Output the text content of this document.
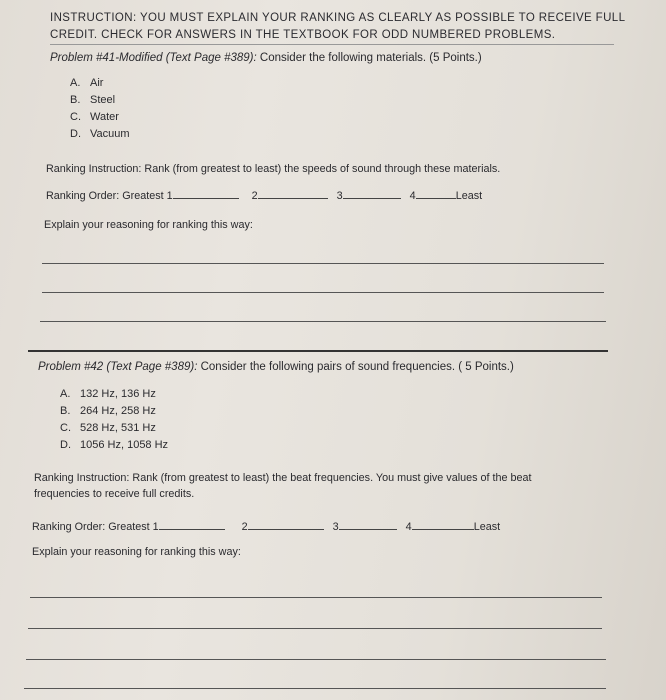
INSTRUCTION: YOU MUST EXPLAIN YOUR RANKING AS CLEARLY AS POSSIBLE TO RECEIVE FULL
CREDIT. CHECK FOR ANSWERS IN THE TEXTBOOK FOR ODD NUMBERED PROBLEMS.
Problem #41-Modified (Text Page #389): Consider the following materials. (5 Points.)
A. Air
B. Steel
C. Water
D. Vacuum
Ranking Instruction: Rank (from greatest to least) the speeds of sound through these materials.
Ranking Order: Greatest 1	2	3	4	Least
Explain your reasoning for ranking this way:
Problem #42 (Text Page #389): Consider the following pairs of sound frequencies. ( 5 Points.)
A. 132 Hz, 136 Hz
B. 264 Hz, 258 Hz
C. 528 Hz, 531 Hz
D. 1056 Hz, 1058 Hz
Ranking Instruction: Rank (from greatest to least) the beat frequencies. You must give values of the beat
frequencies to receive full credits.
Ranking Order: Greatest 1	2	3	4	Least
Explain your reasoning for ranking this way:
